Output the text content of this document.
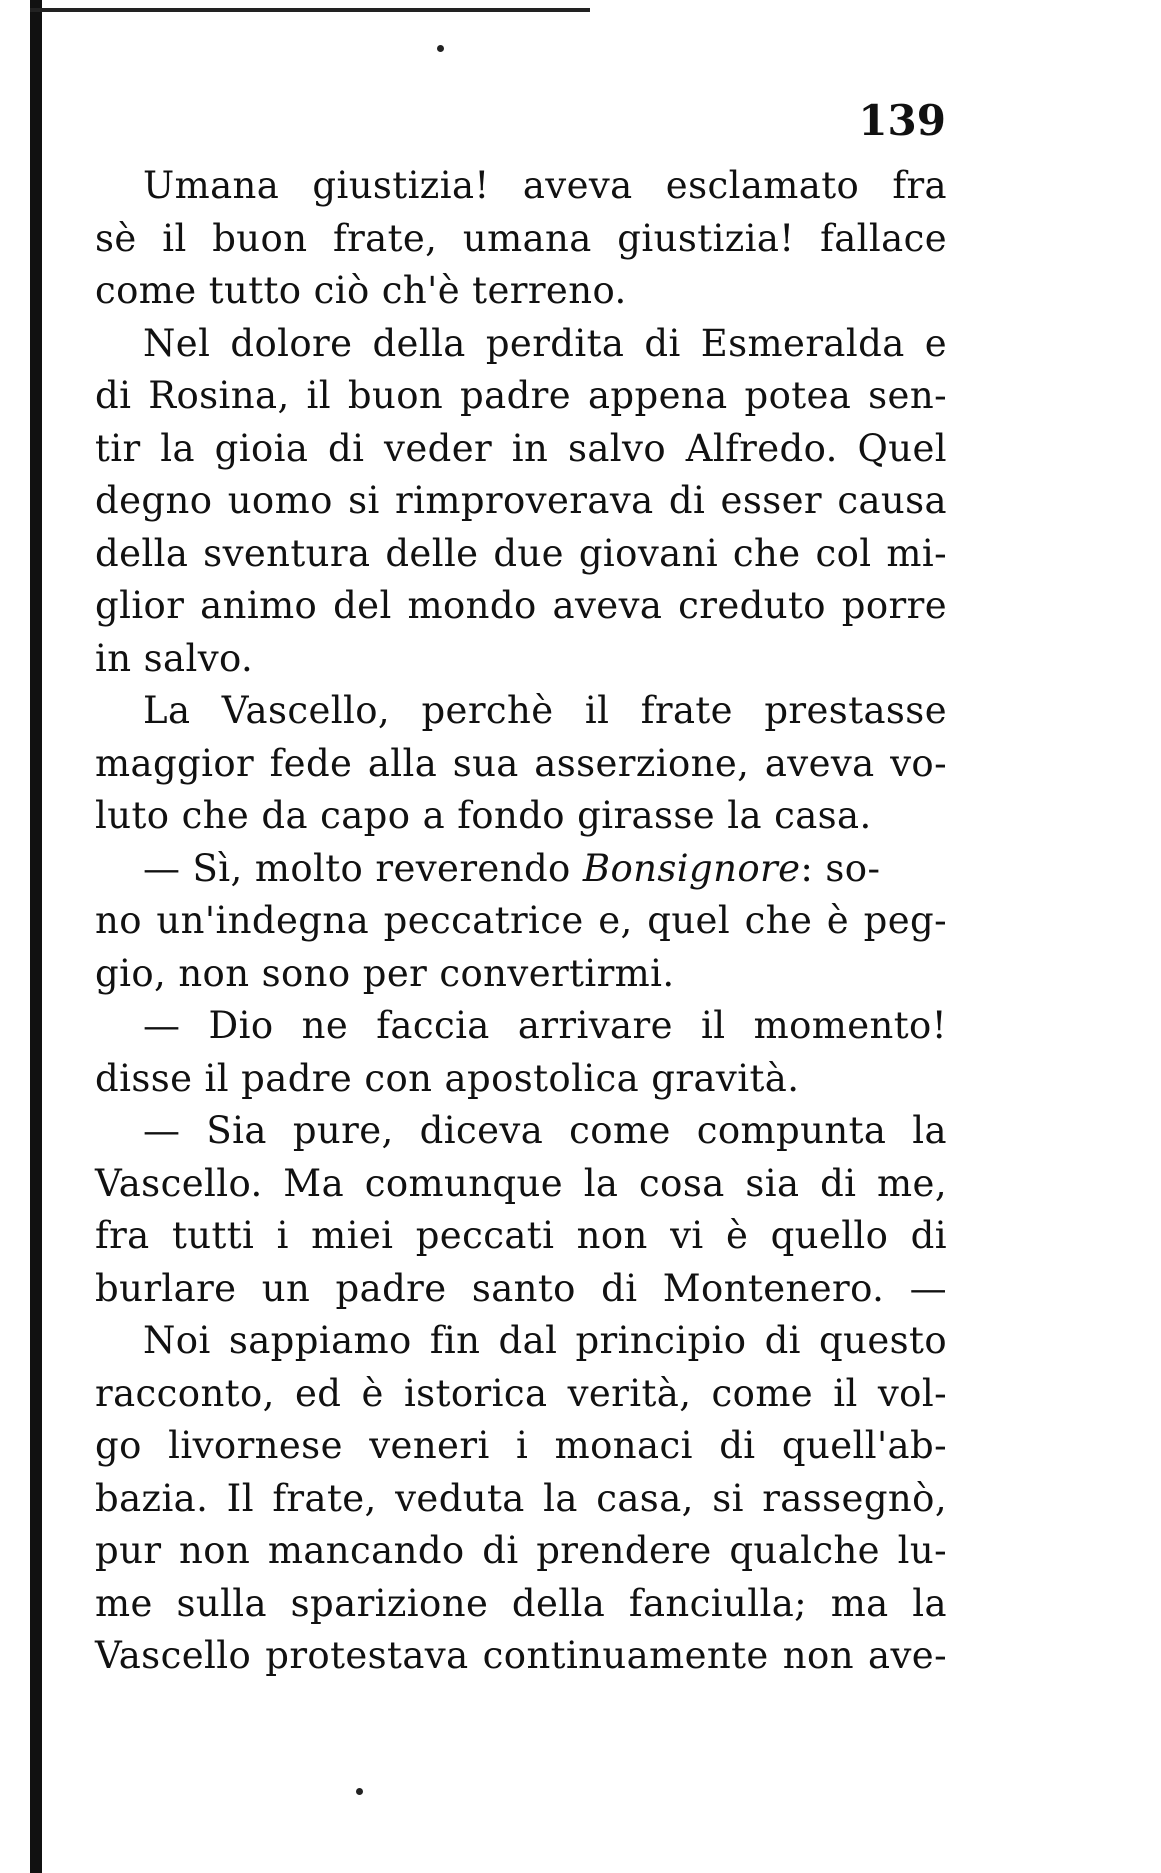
139
Umana giustizia! aveva esclamato fra
sè il buon frate, umana giustizia! fallace
come tutto ciò ch'è terreno.
Nel dolore della perdita di Esmeralda e
di Rosina, il buon padre appena potea sen-
tir la gioia di veder in salvo Alfredo. Quel
degno uomo si rimproverava di esser causa
della sventura delle due giovani che col mi-
glior animo del mondo aveva creduto porre
in salvo.
La Vascello, perchè il frate prestasse
maggior fede alla sua asserzione, aveva vo-
luto che da capo a fondo girasse la casa.
— Sì, molto reverendo Bonsignore: so-
no un'indegna peccatrice e, quel che è peg-
gio, non sono per convertirmi.
— Dio ne faccia arrivare il momento!
disse il padre con apostolica gravità.
— Sia pure, diceva come compunta la
Vascello. Ma comunque la cosa sia di me,
fra tutti i miei peccati non vi è quello di
burlare un padre santo di Montenero. —
Noi sappiamo fin dal principio di questo
racconto, ed è istorica verità, come il vol-
go livornese veneri i monaci di quell'ab-
bazia. Il frate, veduta la casa, si rassegnò,
pur non mancando di prendere qualche lu-
me sulla sparizione della fanciulla; ma la
Vascello protestava continuamente non ave-
